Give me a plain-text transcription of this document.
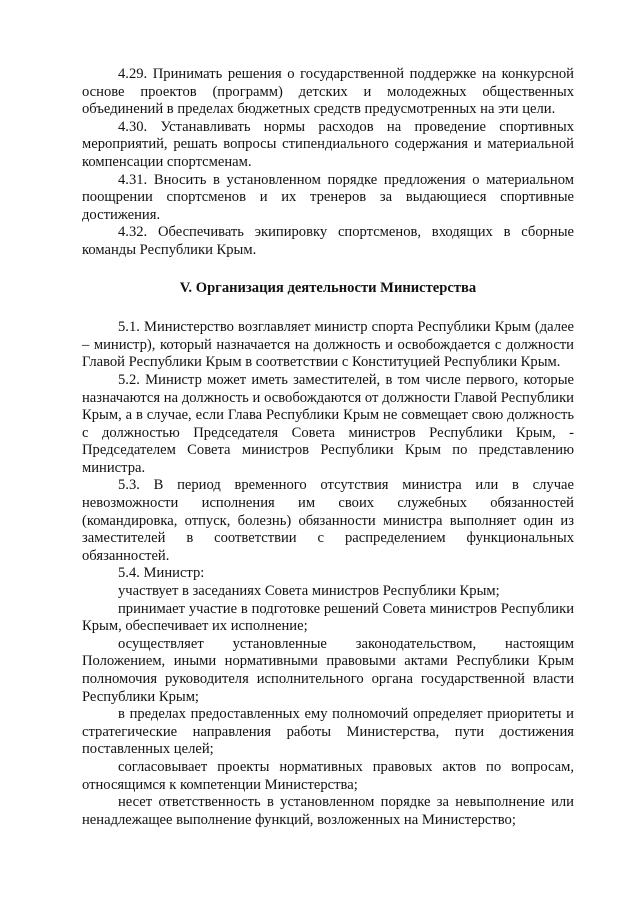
4.29. Принимать решения о государственной поддержке на конкурсной основе проектов (программ) детских и молодежных общественных объединений в пределах бюджетных средств предусмотренных на эти цели.

4.30. Устанавливать нормы расходов на проведение спортивных мероприятий, решать вопросы стипендиального содержания и материальной компенсации спортсменам.

4.31. Вносить в установленном порядке предложения о материальном поощрении спортсменов и их тренеров за выдающиеся спортивные достижения.

4.32. Обеспечивать экипировку спортсменов, входящих в сборные команды Республики Крым.

V. Организация деятельности Министерства

5.1. Министерство возглавляет министр спорта Республики Крым (далее – министр), который назначается на должность и освобождается с должности Главой Республики Крым в соответствии с Конституцией Республики Крым.

5.2. Министр может иметь заместителей, в том числе первого, которые назначаются на должность и освобождаются от должности Главой Республики Крым, а в случае, если Глава Республики Крым не совмещает свою должность с должностью Председателя Совета министров Республики Крым, - Председателем Совета министров Республики Крым по представлению министра.

5.3. В период временного отсутствия министра или в случае невозможности исполнения им своих служебных обязанностей (командировка, отпуск, болезнь) обязанности министра выполняет один из заместителей в соответствии с распределением функциональных обязанностей.

5.4. Министр:

участвует в заседаниях Совета министров Республики Крым;

принимает участие в подготовке решений Совета министров Республики Крым, обеспечивает их исполнение;

осуществляет установленные законодательством, настоящим Положением, иными нормативными правовыми актами Республики Крым полномочия руководителя исполнительного органа государственной власти Республики Крым;

в пределах предоставленных ему полномочий определяет приоритеты и стратегические направления работы Министерства, пути достижения поставленных целей;

согласовывает проекты нормативных правовых актов по вопросам, относящимся к компетенции Министерства;

несет ответственность в установленном порядке за невыполнение или ненадлежащее выполнение функций, возложенных на Министерство;
